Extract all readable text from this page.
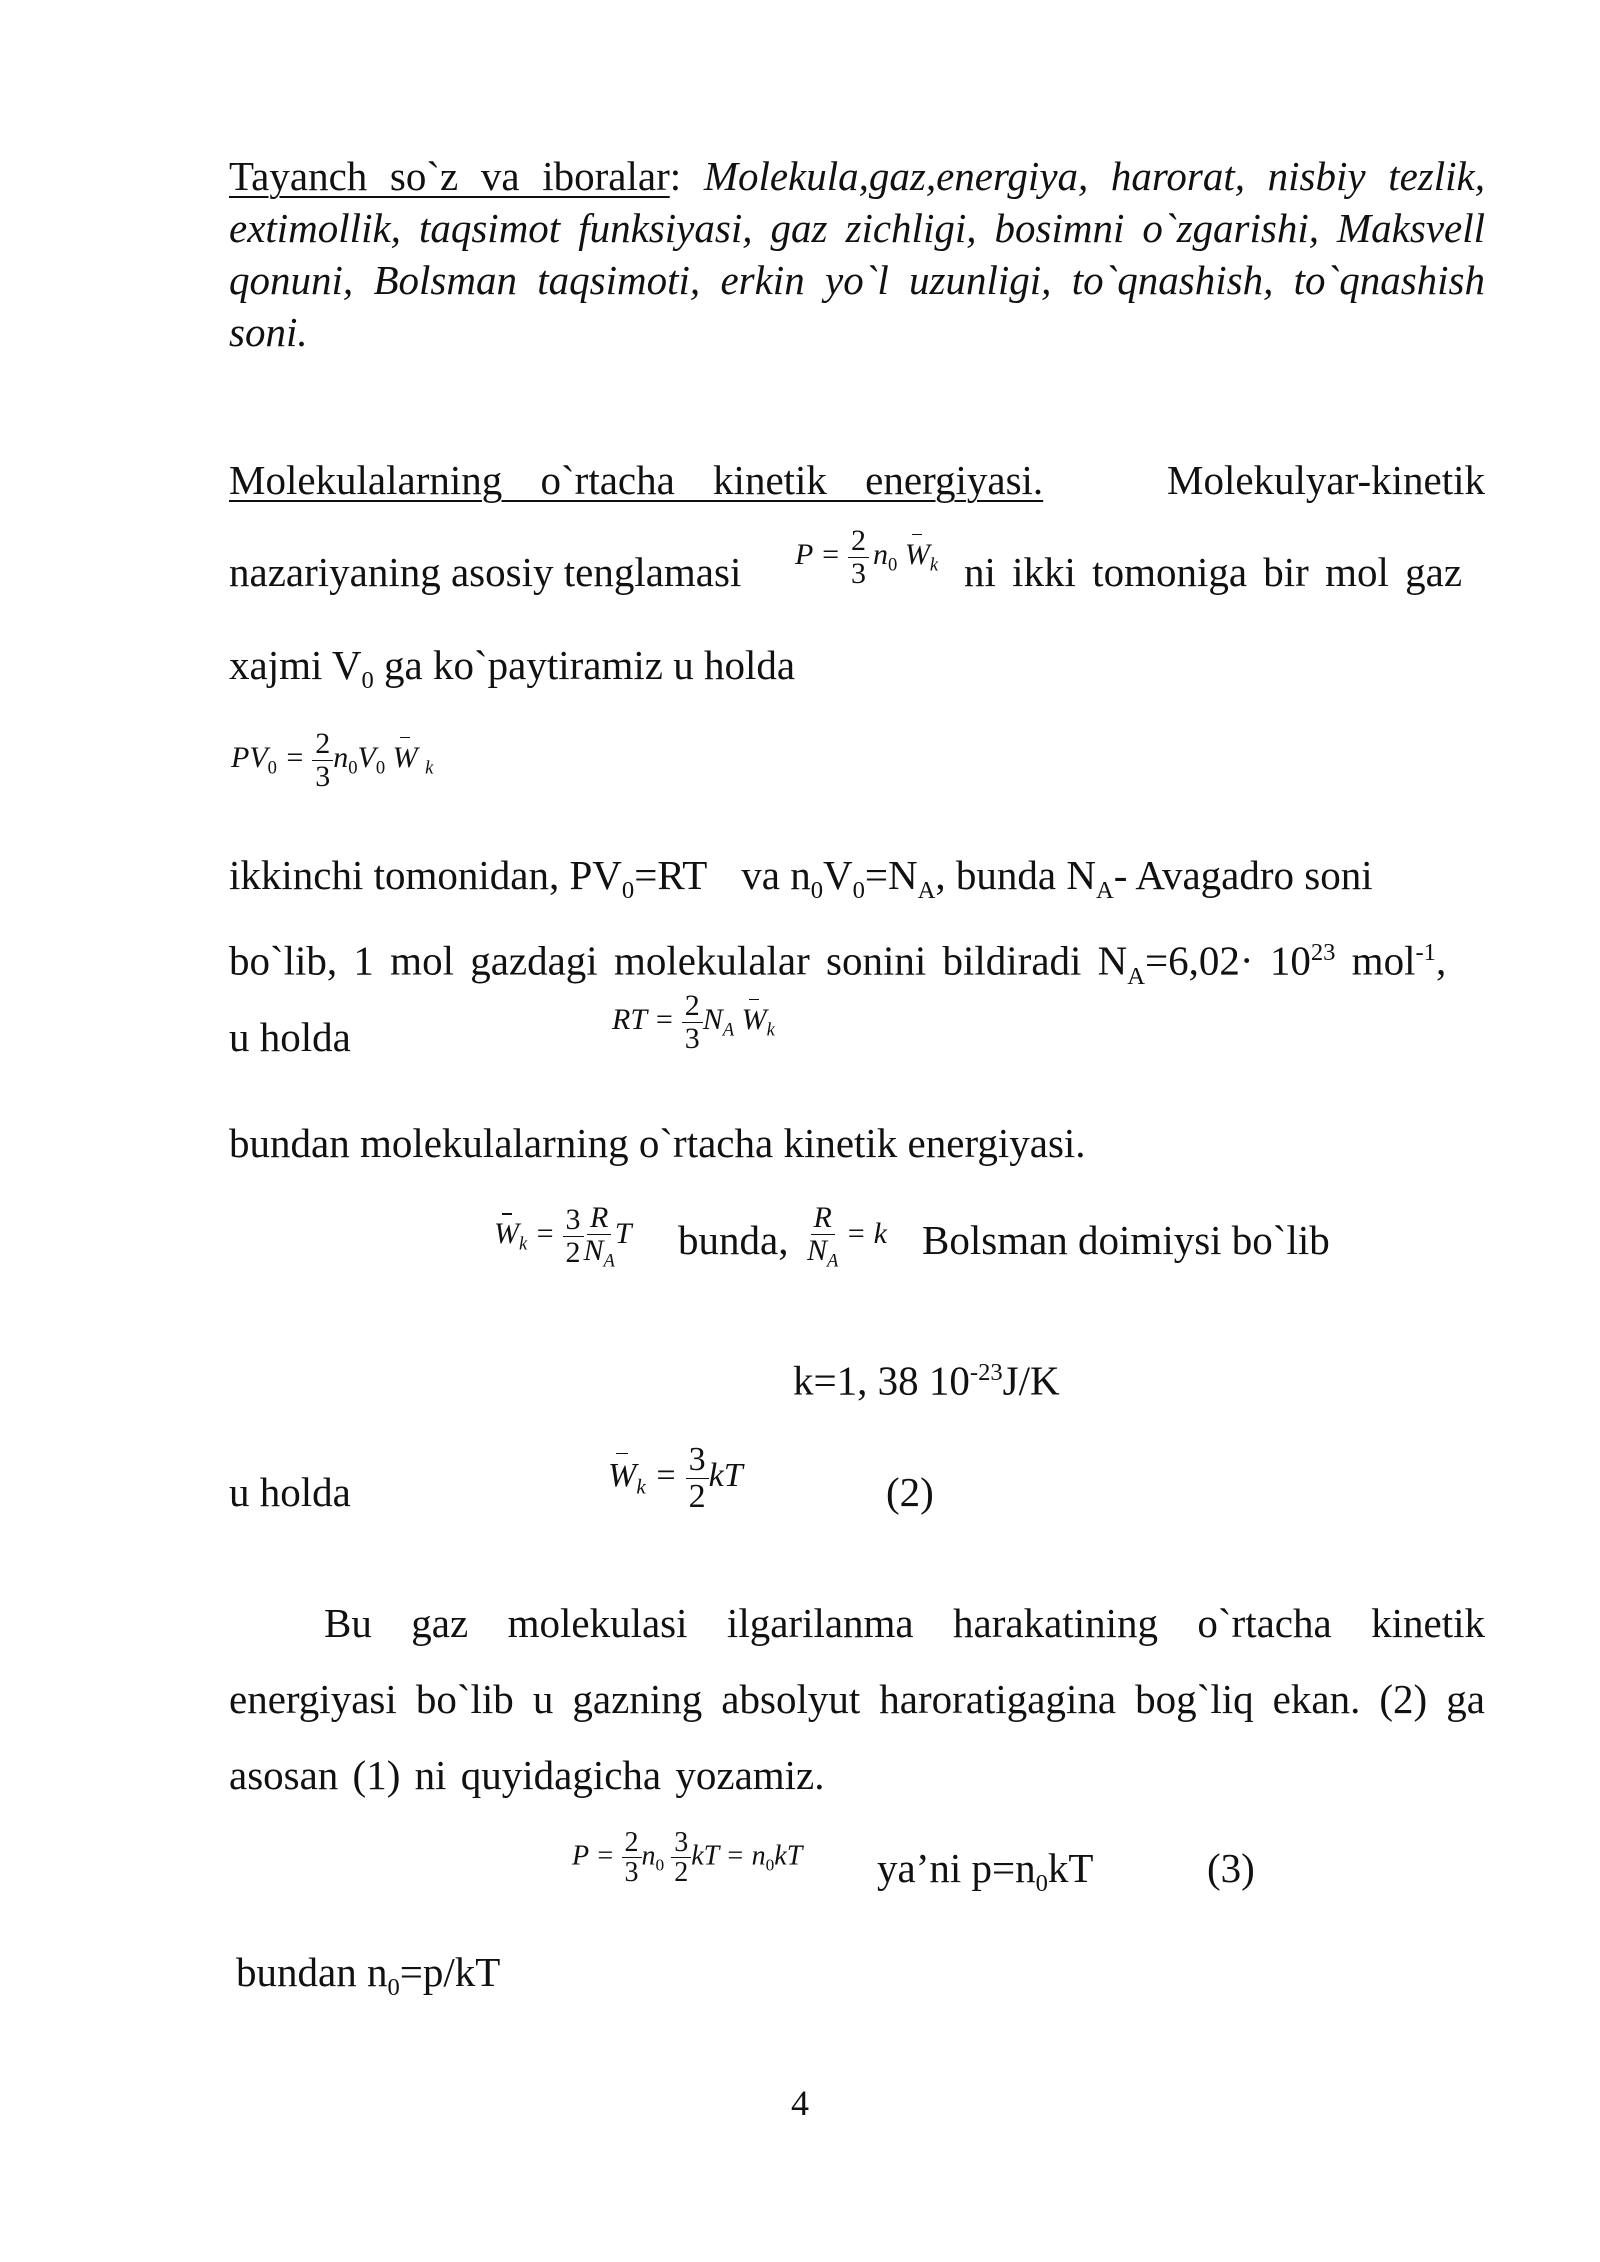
Tayanch so`z va iboralar: Molekula,gaz,energiya, harorat, nisbiy tezlik, extimollik, taqsimot funksiyasi, gaz zichligi, bosimni o`zgarishi, Maksvell qonuni, Bolsman taqsimoti, erkin yo`l uzunligi, to`qnashish, to`qnashish soni.
Molekulalarning o`rtacha kinetik energiyasi.	Molekulyar-kinetik
nazariyaning asosiy tenglamasi $P = \frac{2}{3} n_0$ $W_k$ ni ikki tomoniga bir mol gaz
xajmi $V_0$ ga ko`paytiramiz u holda
$PV_0 = \frac{2}{3} n_0V_0$ W $_k$
ikkinchi tomonidan, $PV_0=RT$ va $n_0V_0=N_A$, bunda $N_A-$ Avagadro soni
bo`lib, 1 mol gazdagi molekulalar sonini bildiradi $N_A=6,02\cdot 10^{23}$ mol$^{-1}$,
u holda	RT = $\frac{2}{3} N_A$ $W_k$
bundan molekulalarning o`rtacha kinetik energiyasi.
$W_k = \frac{3}{2} \frac{R}{N_A}$ T bunda, $\frac{R}{N_A} = k$ Bolsman doimiysi bo`lib
k=1, 38 $10^{-23}J/K$
u holda	$W_k = \frac{3}{2}$ kT	(2)
Bu gaz molekulasi ilgarilanma harakatining o`rtacha kinetik energiyasi bo`lib u gazning absolyut haroratigagina bog`liq ekan. (2) ga asosan (1) ni quyidagicha yozamiz.
$P = \frac{2}{3} n_0 \frac{3}{2}$ kT = $n_0kT$ ya’ni $p=n_0kT$	(3)
bundan $n_0=p/kT$
4
